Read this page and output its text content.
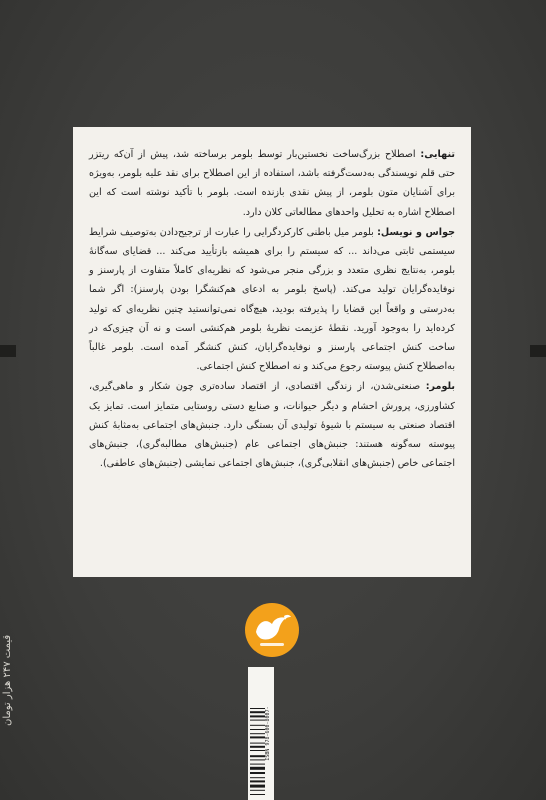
تنهایی: اصطلاح بزرگ‌ساخت نخستین‌بار توسط بلومر برساخته شد، پیش از آن‌که ریتزر حتی قلم نویسندگی به‌دست‌گرفته باشد، استفاده از این اصطلاح برای نقد علیه بلومر، به‌ویژه برای آشنایان متون بلومر، از پیش نقدی بازنده است. بلومر با تأکید نوشته است که این اصطلاح اشاره به تحلیل واحدهای مطالعاتی کلان دارد.

جواس و نویسل: بلومر میل باطنی کارکردگرایی را عبارت از ترجیح‌دادن به‌توصیف شرایط سیستمی ثابتی می‌داند ... که سیستم را برای همیشه بازتأیید می‌کند ... قضایای سه‌گانهٔ بلومر، به‌نتایج نظری متعدد و بزرگی منجر می‌شود که نظریه‌ای کاملاً متفاوت از پارسنز و نوفایده‌گرایان تولید می‌کند. (پاسخ بلومر به ادعای هم‌کنشگرا بودن پارسنز): اگر شما به‌درستی و واقعاً این قضایا را پذیرفته بودید، هیچ‌گاه نمی‌توانستید چنین نظریه‌ای که تولید کرده‌اید را به‌وجود آورید. نقطهٔ عزیمت نظریهٔ بلومر هم‌کنشی است و نه آن چیزی‌که در ساخت کنش اجتماعی پارسنز و نوفایده‌گرایان، کنش کنشگر آمده است. بلومر غالباً به‌اصطلاح کنش پیوسته رجوع می‌کند و نه اصطلاح کنش اجتماعی.

بلومر: صنعتی‌شدن، از زندگی اقتصادی، از اقتصاد ساده‌تری چون شکار و ماهی‌گیری، کشاورزی، پرورش احشام و دیگر حیوانات، و صنایع دستی روستایی متمایز است. تمایز یک اقتصاد صنعتی به سیستم با شیوهٔ تولیدی آن بستگی دارد. جنبش‌های اجتماعی به‌مثابهٔ کنش پیوسته سه‌گونه هستند: جنبش‌های اجتماعی عام (جنبش‌های مطالبه‌گری)، جنبش‌های اجتماعی خاص (جنبش‌های انقلابی‌گری)، جنبش‌های اجتماعی نمایشی (جنبش‌های عاطفی).

قیمت ۲۴۷ هزار تومان
ISBN 978-600-8007-
